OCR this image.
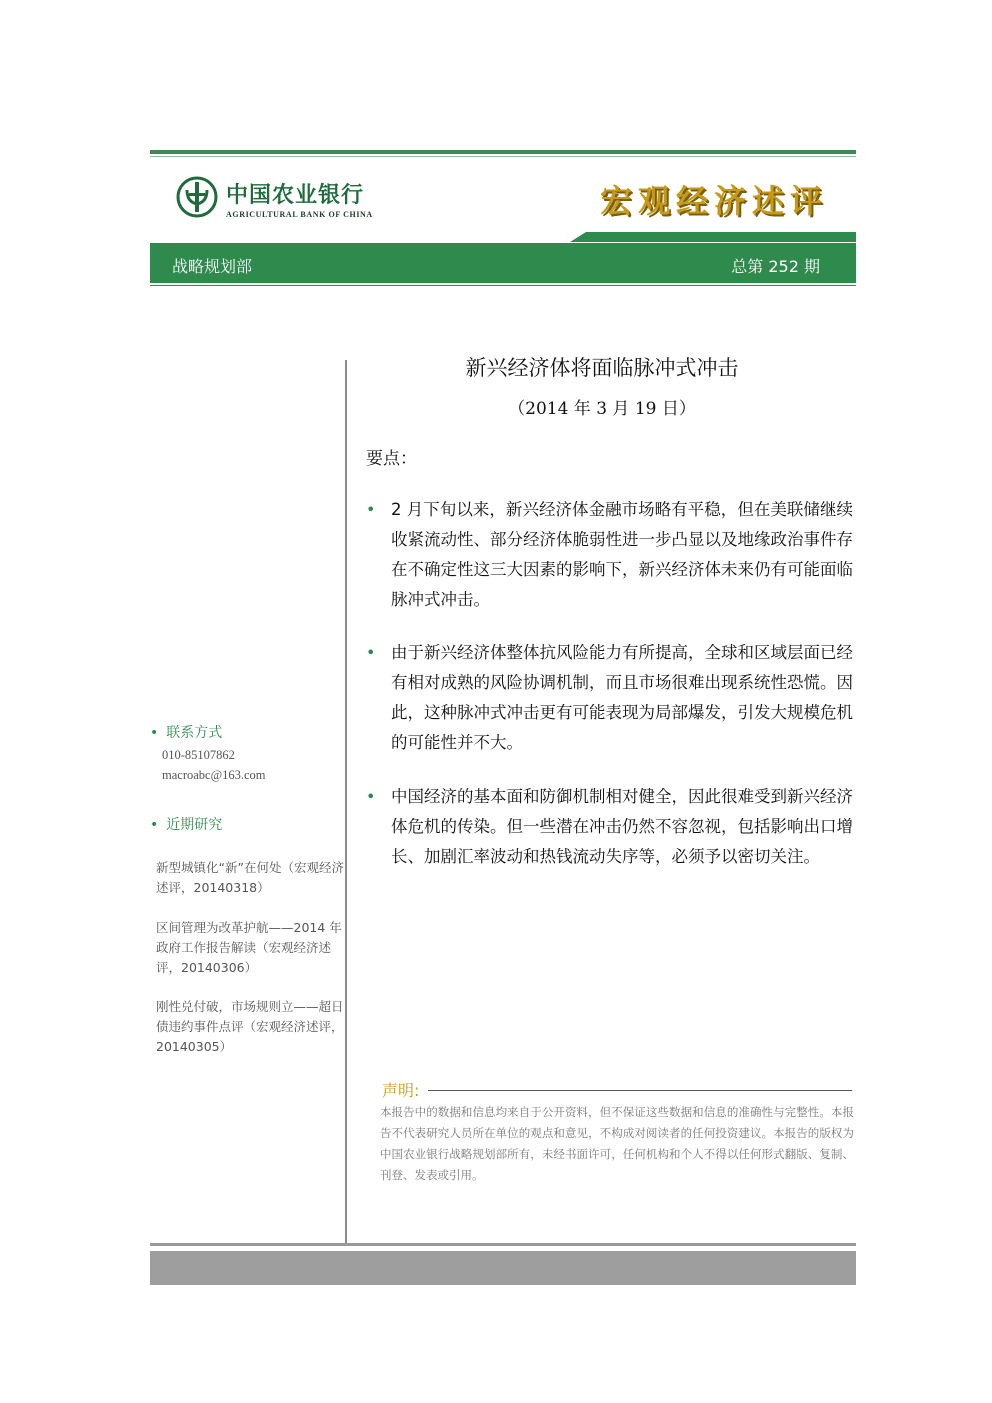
中国农业银行
AGRICULTURAL BANK OF CHINA	宏观经济述评
战略规划部	总第 252 期
新兴经济体将面临脉冲式冲击
（2014 年 3 月 19 日）
要点：
• 2 月下旬以来，新兴经济体金融市场略有平稳，但在美联储继续收紧流动性、部分经济体脆弱性进一步凸显以及地缘政治事件存在不确定性这三大因素的影响下，新兴经济体未来仍有可能面临脉冲式冲击。
• 由于新兴经济体整体抗风险能力有所提高，全球和区域层面已经有相对成熟的风险协调机制，而且市场很难出现系统性恐慌。因此，这种脉冲式冲击更有可能表现为局部爆发，引发大规模危机的可能性并不大。
• 中国经济的基本面和防御机制相对健全，因此很难受到新兴经济体危机的传染。但一些潜在冲击仍然不容忽视，包括影响出口增长、加剧汇率波动和热钱流动失序等，必须予以密切关注。
• 联系方式
010-85107862
macroabc@163.com
• 近期研究
新型城镇化“新”在何处（宏观经济述评，20140318）
区间管理为改革护航——2014 年政府工作报告解读（宏观经济述评，20140306）
刚性兑付破，市场规则立——超日债违约事件点评（宏观经济述评，20140305）
声明:
本报告中的数据和信息均来自于公开资料，但不保证这些数据和信息的准确性与完整性。本报告不代表研究人员所在单位的观点和意见，不构成对阅读者的任何投资建议。本报告的版权为中国农业银行战略规划部所有，未经书面许可，任何机构和个人不得以任何形式翻版、复制、刊登、发表或引用。
